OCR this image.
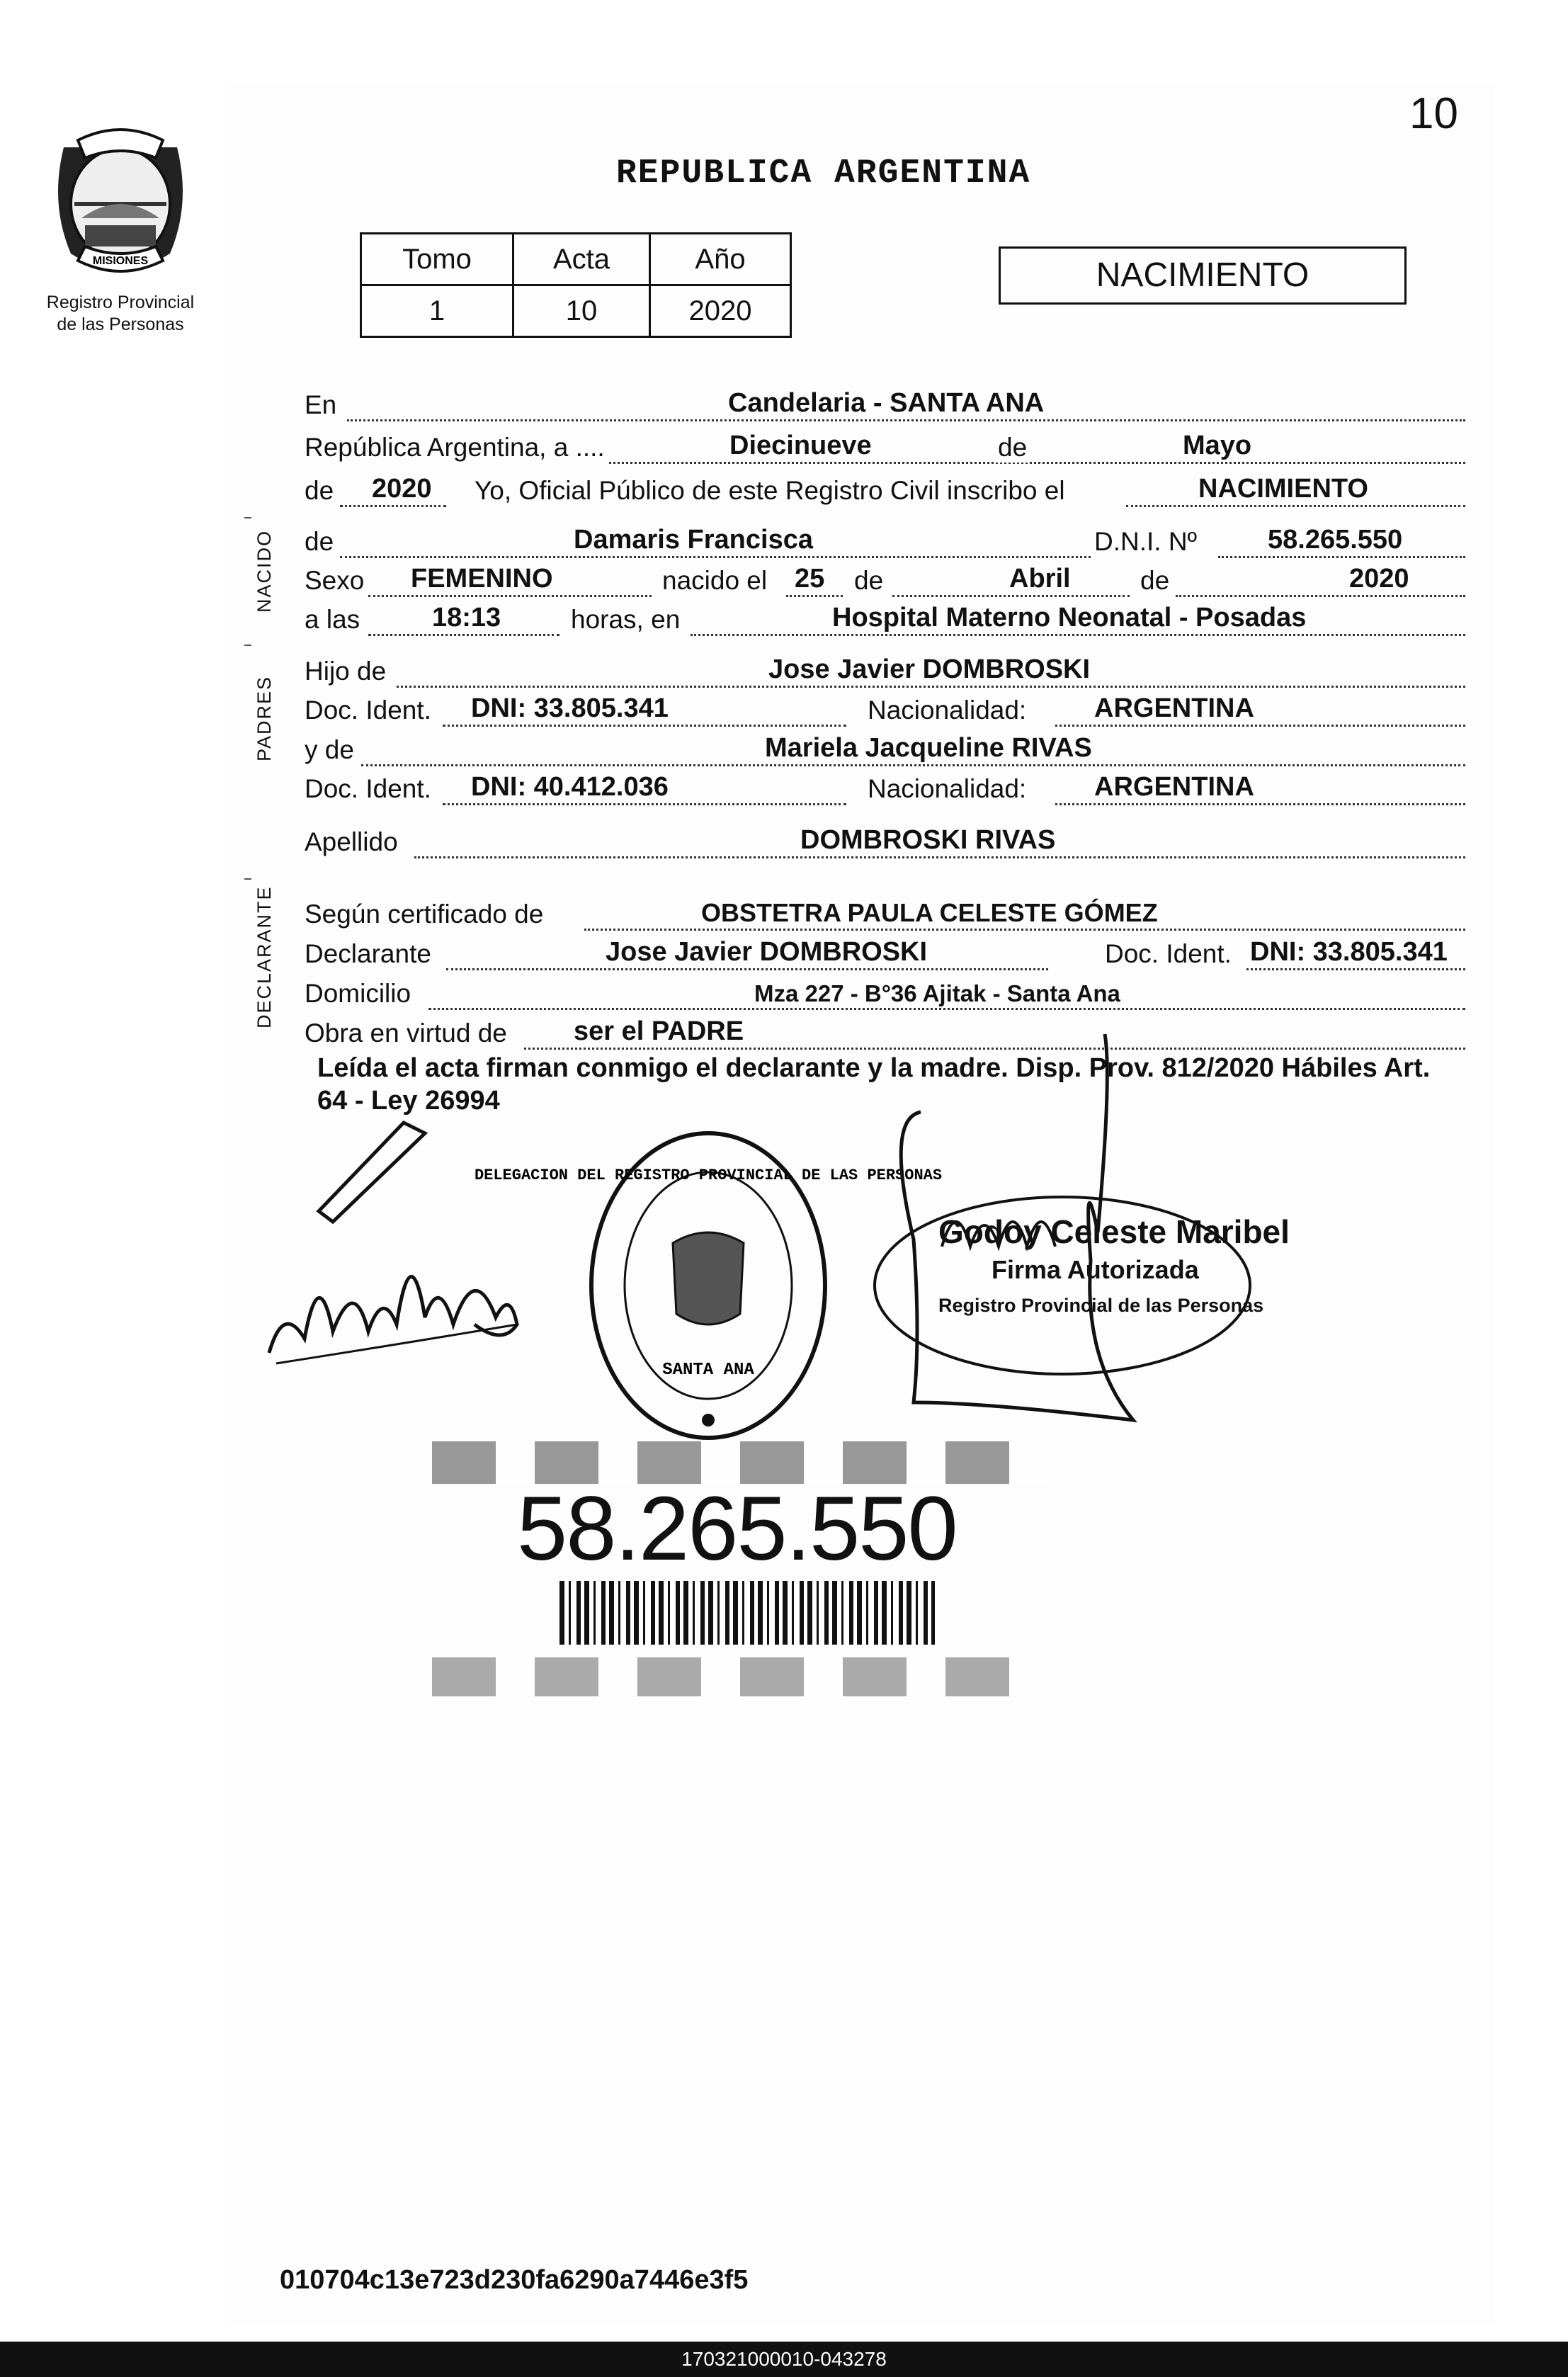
MISIONES
Registro Provincial
de las Personas
10
REPUBLICA ARGENTINA
Tomo	Acta	Año
1	10	2020
NACIMIENTO
En	Candelaria - SANTA ANA
República Argentina, a ....	Diecinueve	de	Mayo
de 2020 Yo, Oficial Público de este Registro Civil inscribo el	NACIMIENTO
NACIDO de	Damaris Francisca	D.N.I. Nº	58.265.550
Sexo FEMENINO	nacido el 25 de	Abril	de	2020
a las	18:13	horas, en	Hospital Materno Neonatal - Posadas
PADRES
Hijo de	Jose Javier DOMBROSKI
Doc. Ident. DNI: 33.805.341	Nacionalidad:	ARGENTINA
y de	Mariela Jacqueline RIVAS
Doc. Ident. DNI: 40.412.036	Nacionalidad:	ARGENTINA
Apellido	DOMBROSKI RIVAS
DECLARANTE Según certificado de	OBSTETRA PAULA CELESTE GÓMEZ
Declarante	Jose Javier DOMBROSKI	Doc. Ident. DNI: 33.805.341
Domicilio	Mza 227 - B°36 Ajitak - Santa Ana
Obra en virtud de ser el PADRE
Leída el acta firman conmigo el declarante y la madre. Disp. Prov. 812/2020 Hábiles Art. 64 - Ley 26994
DELEGACION DEL REGISTRO PROVINCIAL DE LAS PERSONAS
SANTA ANA
Godoy Celeste Maribel
Firma Autorizada
Registro Provincial de las Personas
58.265.550
010704c13e723d230fa6290a7446e3f5
170321000010-043278
